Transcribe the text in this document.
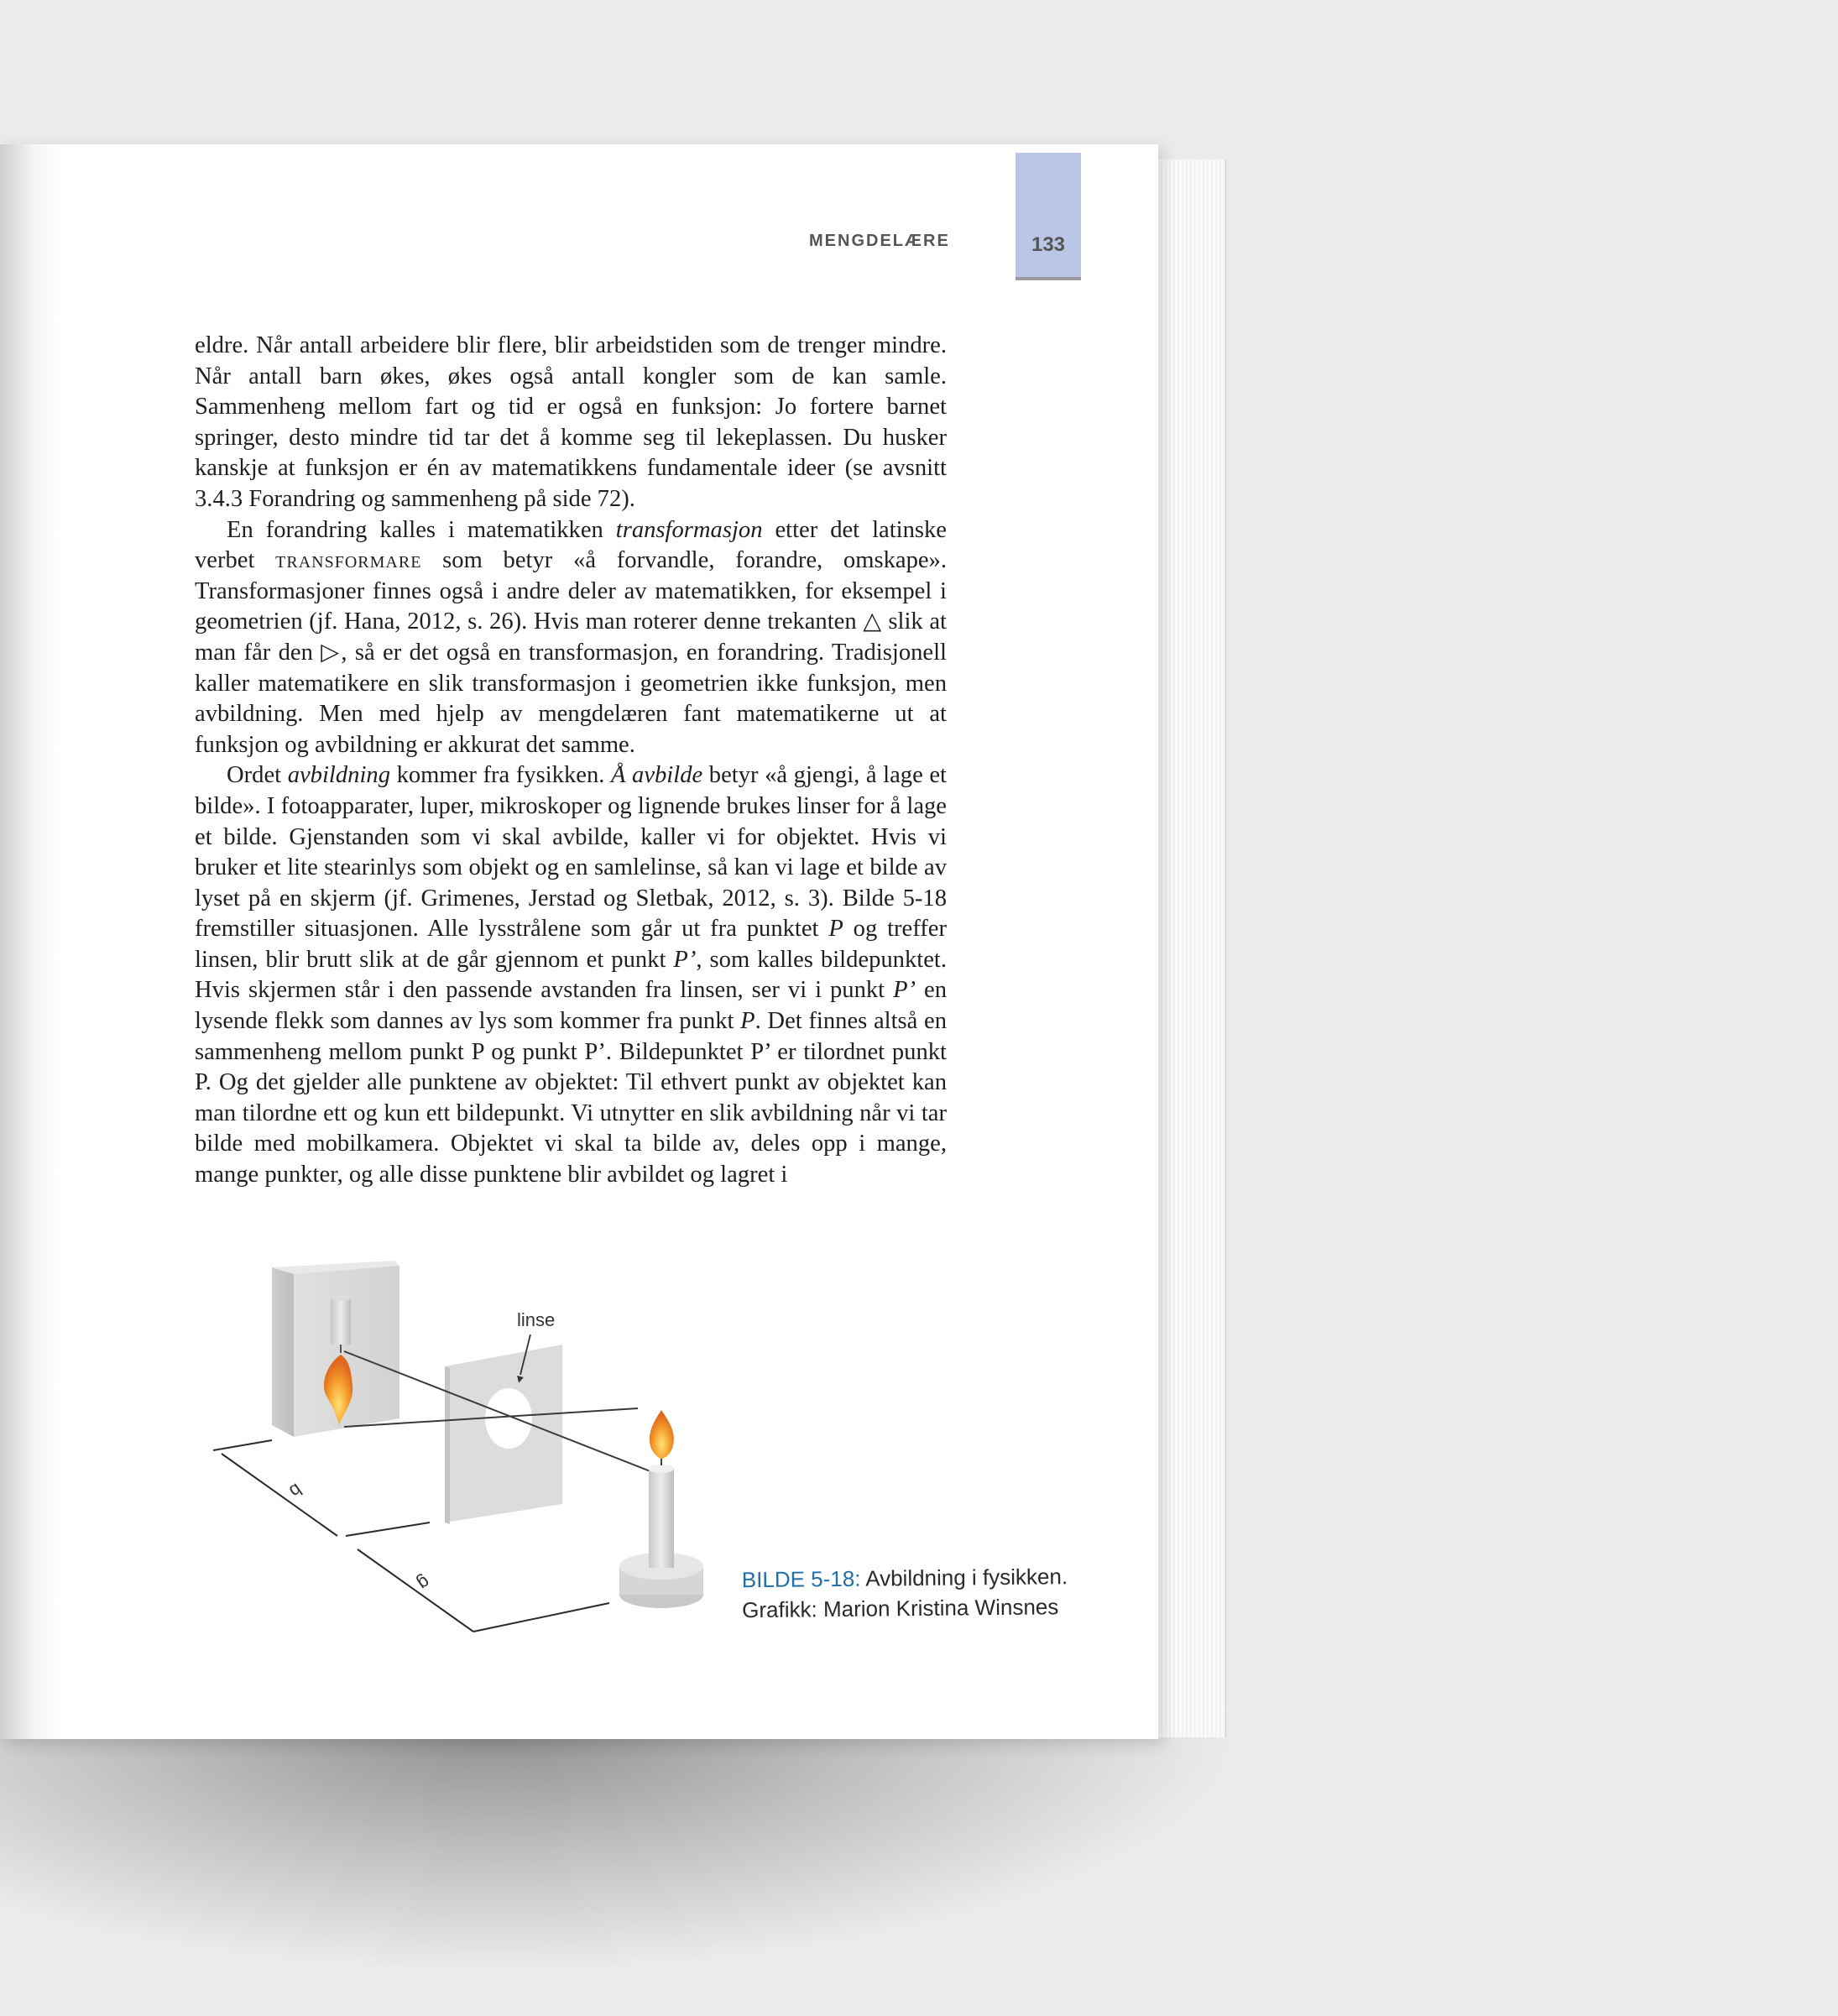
MENGDELÆRE	133

eldre. Når antall arbeidere blir flere, blir arbeidstiden som de trenger mindre. Når antall barn økes, økes også antall kongler som de kan samle. Sammenheng mellom fart og tid er også en funksjon: Jo fortere barnet springer, desto mindre tid tar det å komme seg til lekeplassen. Du husker kanskje at funksjon er én av matematikkens fundamentale ideer (se avsnitt 3.4.3 Forandring og sammenheng på side 72).

En forandring kalles i matematikken transformasjon etter det latinske verbet transformare som betyr «å forvandle, forandre, omskape». Transformasjoner finnes også i andre deler av matematikken, for eksempel i geometrien (jf. Hana, 2012, s. 26). Hvis man roterer denne trekanten △ slik at man får den ▷, så er det også en transformasjon, en forandring. Tradisjonell kaller matematikere en slik transformasjon i geometrien ikke funksjon, men avbildning. Men med hjelp av mengdelæren fant matematikerne ut at funksjon og avbildning er akkurat det samme.

Ordet avbildning kommer fra fysikken. Å avbilde betyr «å gjengi, å lage et bilde». I fotoapparater, luper, mikroskoper og lignende brukes linser for å lage et bilde. Gjenstanden som vi skal avbilde, kaller vi for objektet. Hvis vi bruker et lite stearinlys som objekt og en samlelinse, så kan vi lage et bilde av lyset på en skjerm (jf. Grimenes, Jerstad og Sletbak, 2012, s. 3). Bilde 5-18 fremstiller situasjonen. Alle lysstrålene som går ut fra punktet P og treffer linsen, blir brutt slik at de går gjennom et punkt P’, som kalles bildepunktet. Hvis skjermen står i den passende avstanden fra linsen, ser vi i punkt P’ en lysende flekk som dannes av lys som kommer fra punkt P. Det finnes altså en sammenheng mellom punkt P og punkt P’. Bildepunktet P’ er tilordnet punkt P. Og det gjelder alle punktene av objektet: Til ethvert punkt av objektet kan man tilordne ett og kun ett bildepunkt. Vi utnytter en slik avbildning når vi tar bilde med mobilkamera. Objektet vi skal ta bilde av, deles opp i mange, mange punkter, og alle disse punktene blir avbildet og lagret i

linse
b
g	BILDE 5-18: Avbildning i fysikken.
Grafikk: Marion Kristina Winsnes
